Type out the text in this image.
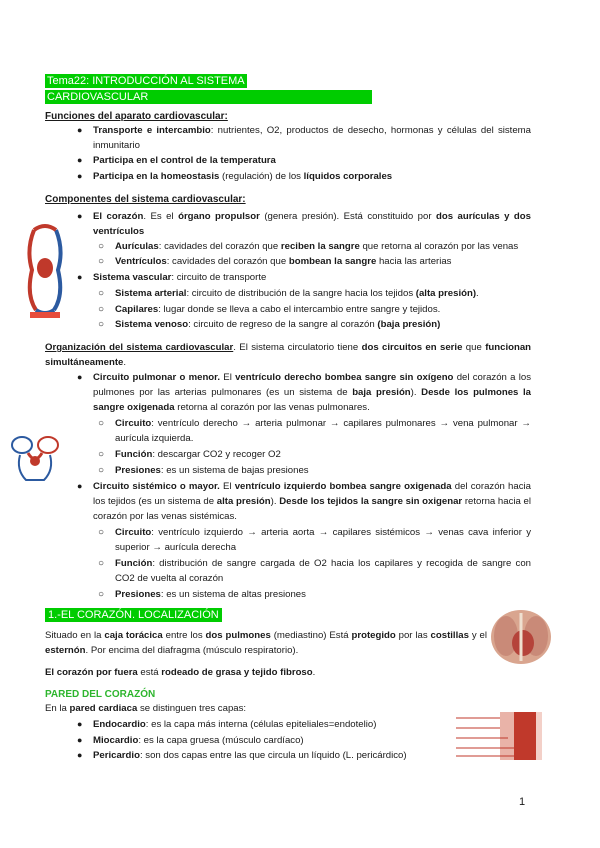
Tema22: INTRODUCCIÓN AL SISTEMA
CARDIOVASCULAR
Funciones del aparato cardiovascular:
● Transporte e intercambio: nutrientes, O2, productos de desecho, hormonas y células del sistema inmunitario
● Participa en el control de la temperatura
● Participa en la homeostasis (regulación) de los líquidos corporales
Componentes del sistema cardiovascular:
● El corazón. Es el órgano propulsor (genera presión). Está constituido por dos aurículas y dos ventrículos
○ Aurículas: cavidades del corazón que reciben la sangre que retorna al corazón por las venas
○ Ventrículos: cavidades del corazón que bombean la sangre hacia las arterias
● Sistema vascular: circuito de transporte
○ Sistema arterial: circuito de distribución de la sangre hacia los tejidos (alta presión).
○ Capilares: lugar donde se lleva a cabo el intercambio entre sangre y tejidos.
○ Sistema venoso: circuito de regreso de la sangre al corazón (baja presión)
Organización del sistema cardiovascular. El sistema circulatorio tiene dos circuitos en serie que funcionan simultáneamente.
● Circuito pulmonar o menor. El ventrículo derecho bombea sangre sin oxígeno del corazón a los pulmones por las arterias pulmonares (es un sistema de baja presión). Desde los pulmones la sangre oxigenada retorna al corazón por las venas pulmonares.
○ Circuito: ventrículo derecho → arteria pulmonar → capilares pulmonares → vena pulmonar → aurícula izquierda.
○ Función: descargar CO2 y recoger O2
○ Presiones: es un sistema de bajas presiones
● Circuito sistémico o mayor. El ventrículo izquierdo bombea sangre oxigenada del corazón hacia los tejidos (es un sistema de alta presión). Desde los tejidos la sangre sin oxigenar retorna hacia el corazón por las venas sistémicas.
○ Circuito: ventrículo izquierdo → arteria aorta → capilares sistémicos → venas cava inferior y superior → aurícula derecha
○ Función: distribución de sangre cargada de O2 hacia los capilares y recogida de sangre con CO2 de vuelta al corazón
○ Presiones: es un sistema de altas presiones
1.-EL CORAZÓN. LOCALIZACIÓN
Situado en la caja torácica entre los dos pulmones (mediastino) Está protegido por las costillas y el esternón. Por encima del diafragma (músculo respiratorio).
El corazón por fuera está rodeado de grasa y tejido fibroso.
PARED DEL CORAZÓN
En la pared cardiaca se distinguen tres capas:
● Endocardio: es la capa más interna (células epiteliales=endotelio)
● Miocardio: es la capa gruesa (músculo cardíaco)
● Pericardio: son dos capas entre las que circula un líquido (L. pericárdico)
1
